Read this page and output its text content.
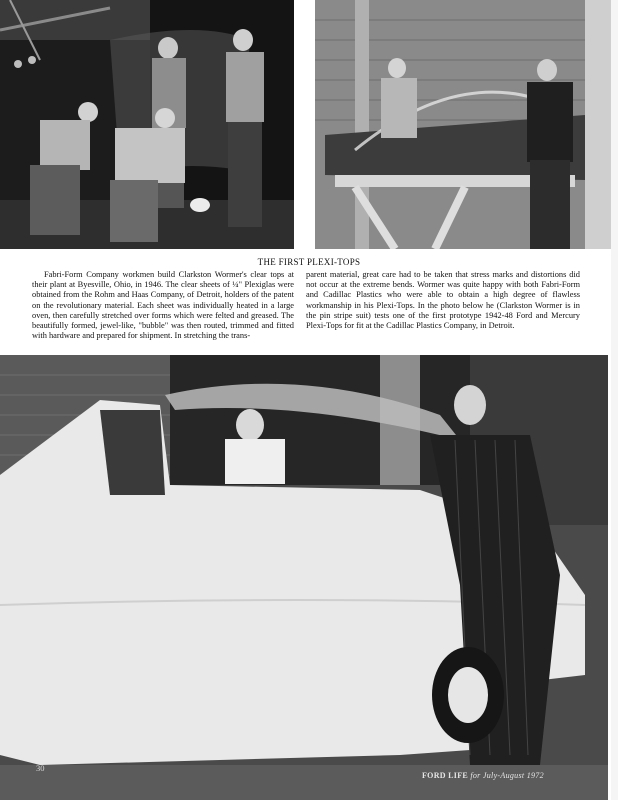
THE FIRST PLEXI-TOPS
Fabri-Form Company workmen build Clarkston Wormer's clear tops at their plant at Byesville, Ohio, in 1946. The clear sheets of ¼" Plexiglas were obtained from the Rohm and Haas Company, of Detroit, holders of the patent on the revolutionary material. Each sheet was individually heated in a large oven, then carefully stretched over forms which were felted and greased. The beautifully formed, jewel-like, "bubble" was then routed, trimmed and fitted with hardware and prepared for shipment. In stretching the trans-
parent material, great care had to be taken that stress marks and distortions did not occur at the extreme bends. Wormer was quite happy with both Fabri-Form and Cadillac Plastics who were able to obtain a high degree of flawless workmanship in his Plexi-Tops. In the photo below he (Clarkston Wormer is in the pin stripe suit) tests one of the first prototype 1942-48 Ford and Mercury Plexi-Tops for fit at the Cadillac Plastics Company, in Detroit.
30
FORD LIFE for July-August 1972
